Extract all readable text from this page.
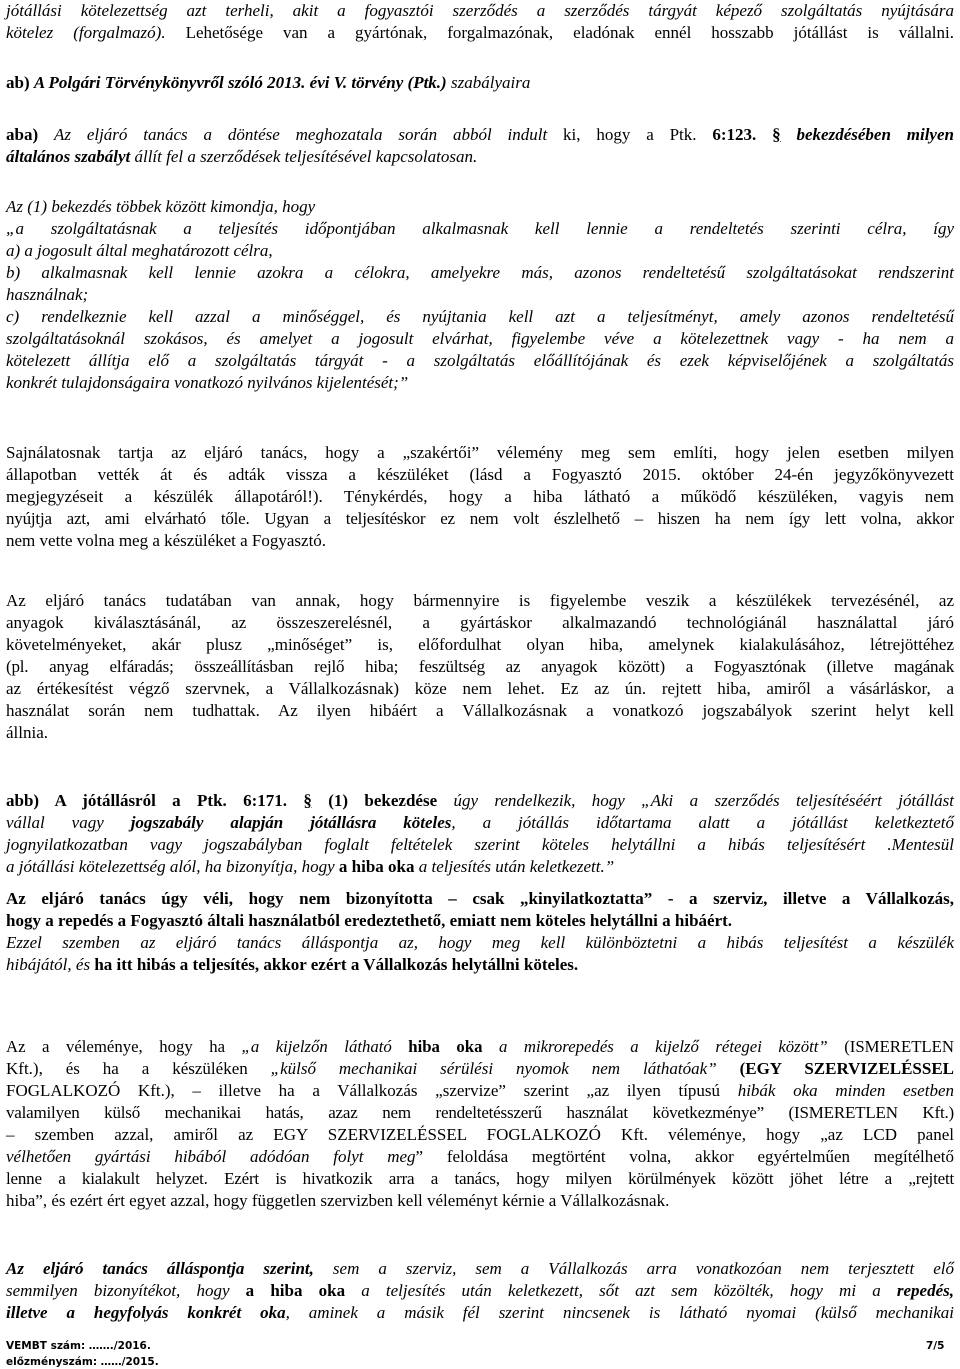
jótállási kötelezettség azt terheli, akit a fogyasztói szerződés a szerződés tárgyát képező szolgáltatás nyújtására
kötelez (forgalmazó). Lehetősége van a gyártónak, forgalmazónak, eladónak ennél hosszabb jótállást is vállalni.
ab) A Polgári Törvénykönyvről szóló 2013. évi V. törvény (Ptk.) szabályaira
aba) Az eljáró tanács a döntése meghozatala során abból indult ki, hogy a Ptk. 6:123. § bekezdésében milyen
általános szabályt állít fel a szerződések teljesítésével kapcsolatosan.
Az (1) bekezdés többek között kimondja, hogy
„a szolgáltatásnak a teljesítés időpontjában alkalmasnak kell lennie a rendeltetés szerinti célra, így
a) a jogosult által meghatározott célra,
b) alkalmasnak kell lennie azokra a célokra, amelyekre más, azonos rendeltetésű szolgáltatásokat rendszerint
használnak;
c) rendelkeznie kell azzal a minőséggel, és nyújtania kell azt a teljesítményt, amely azonos rendeltetésű
szolgáltatásoknál szokásos, és amelyet a jogosult elvárhat, figyelembe véve a kötelezettnek vagy - ha nem a
kötelezett állítja elő a szolgáltatás tárgyát - a szolgáltatás előállítójának és ezek képviselőjének a szolgáltatás
konkrét tulajdonságaira vonatkozó nyilvános kijelentését;”
Sajnálatosnak tartja az eljáró tanács, hogy a „szakértői” vélemény meg sem említi, hogy jelen esetben milyen
állapotban vették át és adták vissza a készüléket (lásd a Fogyasztó 2015. október 24-én jegyzőkönyvezett
megjegyzéseit a készülék állapotáról!). Ténykérdés, hogy a hiba látható a működő készüléken, vagyis nem
nyújtja azt, ami elvárható tőle. Ugyan a teljesítéskor ez nem volt észlelhető – hiszen ha nem így lett volna, akkor
nem vette volna meg a készüléket a Fogyasztó.
Az eljáró tanács tudatában van annak, hogy bármennyire is figyelembe veszik a készülékek tervezésénél, az
anyagok kiválasztásánál, az összeszerelésnél, a gyártáskor alkalmazandó technológiánál használattal járó
követelményeket, akár plusz „minőséget” is, előfordulhat olyan hiba, amelynek kialakulásához, létrejöttéhez
(pl. anyag elfáradás; összeállításban rejlő hiba; feszültség az anyagok között) a Fogyasztónak (illetve magának
az értékesítést végző szervnek, a Vállalkozásnak) köze nem lehet. Ez az ún. rejtett hiba, amiről a vásárláskor, a
használat során nem tudhattak. Az ilyen hibáért a Vállalkozásnak a vonatkozó jogszabályok szerint helyt kell
állnia.
abb) A jótállásról a Ptk. 6:171. § (1) bekezdése úgy rendelkezik, hogy „Aki a szerződés teljesítéséért jótállást
vállal vagy jogszabály alapján jótállásra köteles, a jótállás időtartama alatt a jótállást keletkeztető
jognyilatkozatban vagy jogszabályban foglalt feltételek szerint köteles helytállni a hibás teljesítésért .Mentesül
a jótállási kötelezettség alól, ha bizonyítja, hogy a hiba oka a teljesítés után keletkezett.”
Az eljáró tanács úgy véli, hogy nem bizonyította – csak „kinyilatkoztatta” - a szerviz, illetve a Vállalkozás,
hogy a repedés a Fogyasztó általi használatból eredeztethető, emiatt nem köteles helytállni a hibáért.
Ezzel szemben az eljáró tanács álláspontja az, hogy meg kell különböztetni a hibás teljesítést a készülék
hibájától, és ha itt hibás a teljesítés, akkor ezért a Vállalkozás helytállni köteles.
Az a véleménye, hogy ha „a kijelzőn látható hiba oka a mikrorepedés a kijelző rétegei között” (ISMERETLEN
Kft.), és ha a készüléken „külső mechanikai sérülési nyomok nem láthatóak” (EGY SZERVIZELÉSSEL
FOGLALKOZÓ Kft.), – illetve ha a Vállalkozás „szervize” szerint „az ilyen típusú hibák oka minden esetben
valamilyen külső mechanikai hatás, azaz nem rendeltetésszerű használat következménye” (ISMERETLEN Kft.)
– szemben azzal, amiről az EGY SZERVIZELÉSSEL FOGLALKOZÓ Kft. véleménye, hogy „az LCD panel
vélhetően gyártási hibából adódóan folyt meg” feloldása megtörtént volna, akkor egyértelműen megítélhető
lenne a kialakult helyzet. Ezért is hivatkozik arra a tanács, hogy milyen körülmények között jöhet létre a „rejtett
hiba”, és ezért ért egyet azzal, hogy független szervizben kell véleményt kérnie a Vállalkozásnak.
Az eljáró tanács álláspontja szerint, sem a szerviz, sem a Vállalkozás arra vonatkozóan nem terjesztett elő
semmilyen bizonyítékot, hogy a hiba oka a teljesítés után keletkezett, sőt azt sem közölték, hogy mi a repedés,
illetve a hegyfolyás konkrét oka, aminek a másik fél szerint nincsenek is látható nyomai (külső mechanikai
VEMBT szám: ……./2016.
előzményszám: ……/2015.
7/5
